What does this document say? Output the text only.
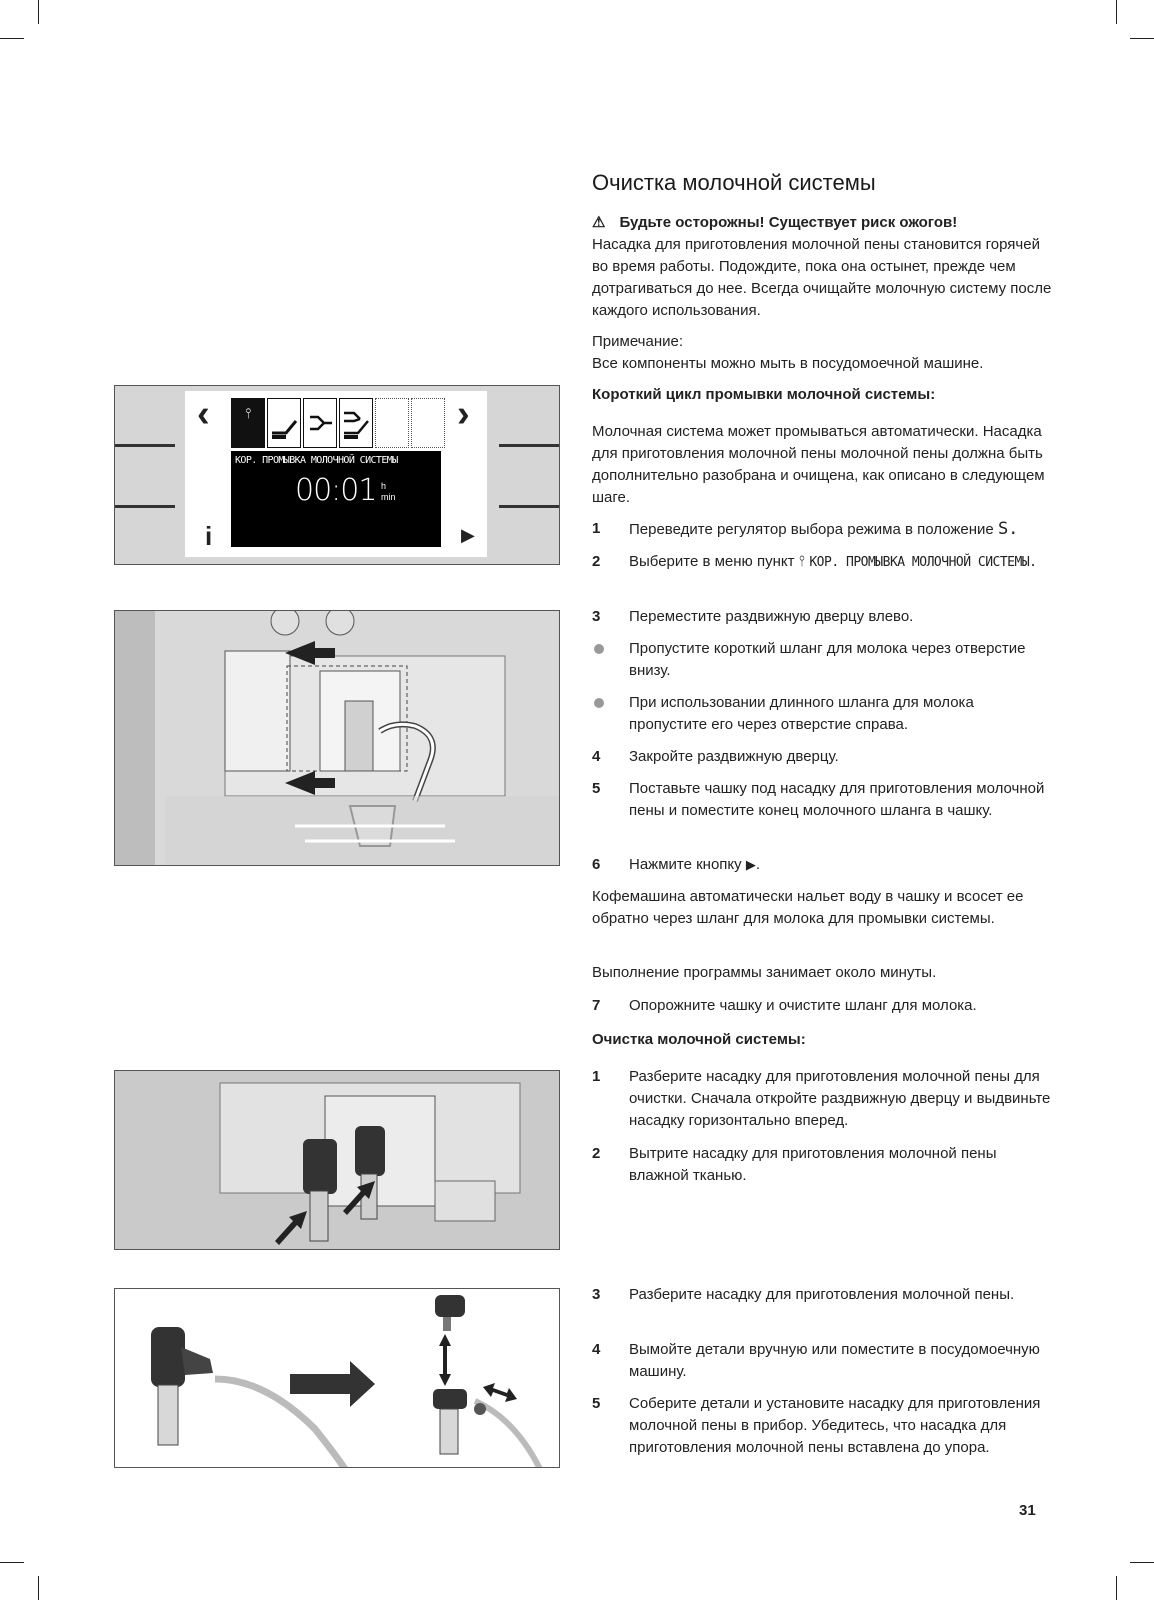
‹	›
i	▶
⫯
КОР. ПРОМЫВКА МОЛОЧНОЙ СИСТЕМЫ
00:01 h
min
Очистка молочной системы

⚠ Будьте осторожны! Существует риск ожогов!

Насадка для приготовления молочной пены становится горячей во время работы. Подождите, пока она остынет, прежде чем дотрагиваться до нее. Всегда очищайте молочную систему после каждого использования.

Примечание:

Все компоненты можно мыть в посудомоечной машине.

Короткий цикл промывки молочной системы:

Молочная система может промываться автоматически. Насадка для приготовления молочной пены молочной пены должна быть дополнительно разобрана и очищена, как описано в следующем шаге.

1 Переведите регулятор выбора режима в положение S.
2 Выберите в меню пункт ⫯ КОР. ПРОМЫВКА МОЛОЧНОЙ СИСТЕМЫ.
3 Переместите раздвижную дверцу влево.
Пропустите короткий шланг для молока через отверстие внизу.
При использовании длинного шланга для молока пропустите его через отверстие справа.
4 Закройте раздвижную дверцу.
5 Поставьте чашку под насадку для приготовления молочной пены и поместите конец молочного шланга в чашку.
6 Нажмите кнопку ▶.

Кофемашина автоматически нальет воду в чашку и всосет ее обратно через шланг для молока для промывки системы.

Выполнение программы занимает около минуты.

7 Опорожните чашку и очистите шланг для молока.

Очистка молочной системы:

1 Разберите насадку для приготовления молочной пены для очистки. Сначала откройте раздвижную дверцу и выдвиньте насадку горизонтально вперед.
2 Вытрите насадку для приготовления молочной пены влажной тканью.
3 Разберите насадку для приготовления молочной пены.
4 Вымойте детали вручную или поместите в посудомоечную машину.
5 Соберите детали и установите насадку для приготовления молочной пены в прибор. Убедитесь, что насадка для приготовления молочной пены вставлена до упора.
31
